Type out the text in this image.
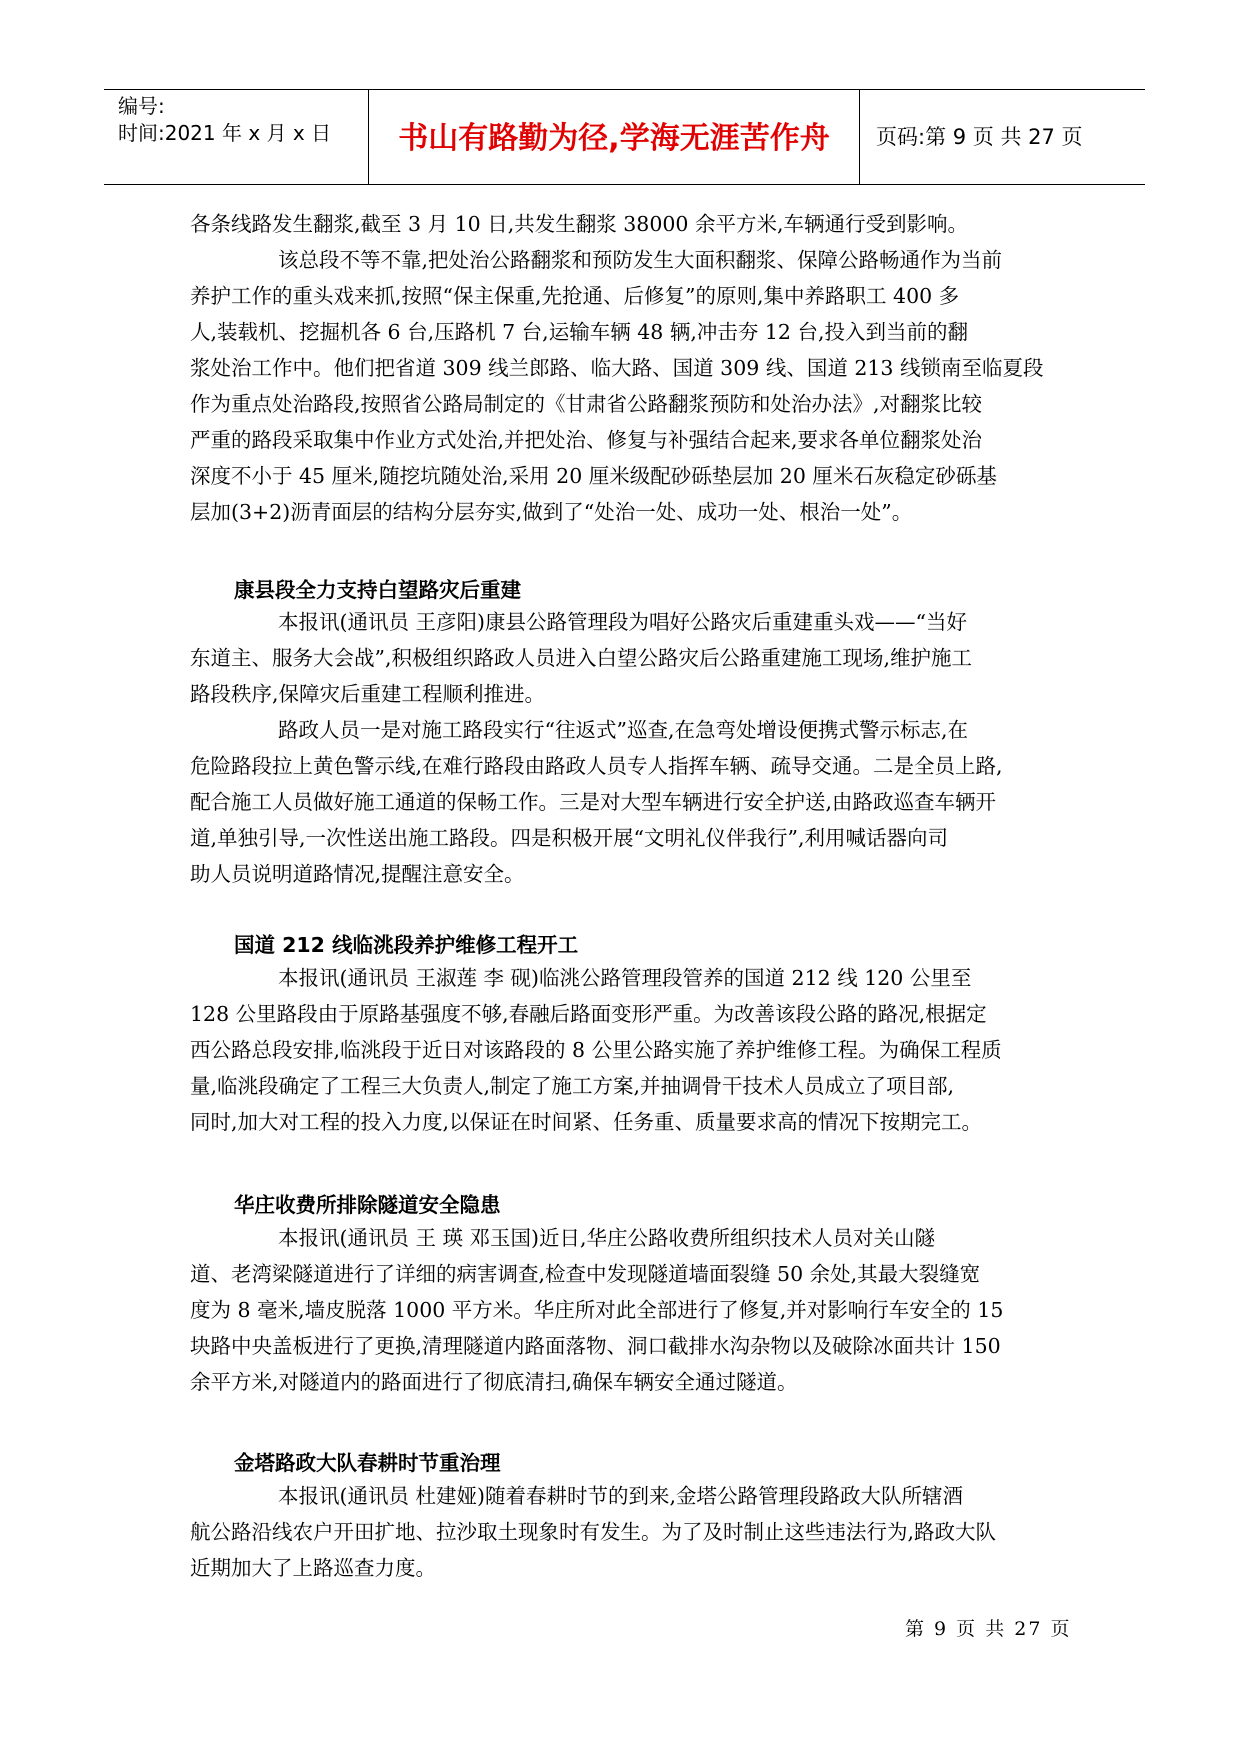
编号:
时间:2021 年 x 月 x 日	书山有路勤为径,学海无涯苦作舟	页码:第 9 页 共 27 页
各条线路发生翻浆,截至 3 月 10 日,共发生翻浆 38000 余平方米,车辆通行受到影响。
该总段不等不靠,把处治公路翻浆和预防发生大面积翻浆、保障公路畅通作为当前
养护工作的重头戏来抓,按照“保主保重,先抢通、后修复”的原则,集中养路职工 400 多
人,装载机、挖掘机各 6 台,压路机 7 台,运输车辆 48 辆,冲击夯 12 台,投入到当前的翻
浆处治工作中。他们把省道 309 线兰郎路、临大路、国道 309 线、国道 213 线锁南至临夏段
作为重点处治路段,按照省公路局制定的《甘肃省公路翻浆预防和处治办法》,对翻浆比较
严重的路段采取集中作业方式处治,并把处治、修复与补强结合起来,要求各单位翻浆处治
深度不小于 45 厘米,随挖坑随处治,采用 20 厘米级配砂砾垫层加 20 厘米石灰稳定砂砾基
层加(3+2)沥青面层的结构分层夯实,做到了“处治一处、成功一处、根治一处”。
康县段全力支持白望路灾后重建
本报讯(通讯员 王彦阳)康县公路管理段为唱好公路灾后重建重头戏——“当好
东道主、服务大会战”,积极组织路政人员进入白望公路灾后公路重建施工现场,维护施工
路段秩序,保障灾后重建工程顺利推进。
路政人员一是对施工路段实行“往返式”巡查,在急弯处增设便携式警示标志,在
危险路段拉上黄色警示线,在难行路段由路政人员专人指挥车辆、疏导交通。二是全员上路,
配合施工人员做好施工通道的保畅工作。三是对大型车辆进行安全护送,由路政巡查车辆开
道,单独引导,一次性送出施工路段。四是积极开展“文明礼仪伴我行”,利用喊话器向司
助人员说明道路情况,提醒注意安全。
国道 212 线临洮段养护维修工程开工
本报讯(通讯员 王淑莲 李 砚)临洮公路管理段管养的国道 212 线 120 公里至
128 公里路段由于原路基强度不够,春融后路面变形严重。为改善该段公路的路况,根据定
西公路总段安排,临洮段于近日对该路段的 8 公里公路实施了养护维修工程。为确保工程质
量,临洮段确定了工程三大负责人,制定了施工方案,并抽调骨干技术人员成立了项目部,
同时,加大对工程的投入力度,以保证在时间紧、任务重、质量要求高的情况下按期完工。
华庄收费所排除隧道安全隐患
本报讯(通讯员 王 瑛 邓玉国)近日,华庄公路收费所组织技术人员对关山隧
道、老湾梁隧道进行了详细的病害调查,检查中发现隧道墙面裂缝 50 余处,其最大裂缝宽
度为 8 毫米,墙皮脱落 1000 平方米。华庄所对此全部进行了修复,并对影响行车安全的 15
块路中央盖板进行了更换,清理隧道内路面落物、洞口截排水沟杂物以及破除冰面共计 150
余平方米,对隧道内的路面进行了彻底清扫,确保车辆安全通过隧道。
金塔路政大队春耕时节重治理
本报讯(通讯员 杜建娅)随着春耕时节的到来,金塔公路管理段路政大队所辖酒
航公路沿线农户开田扩地、拉沙取土现象时有发生。为了及时制止这些违法行为,路政大队
近期加大了上路巡查力度。
第 9 页 共 27 页
